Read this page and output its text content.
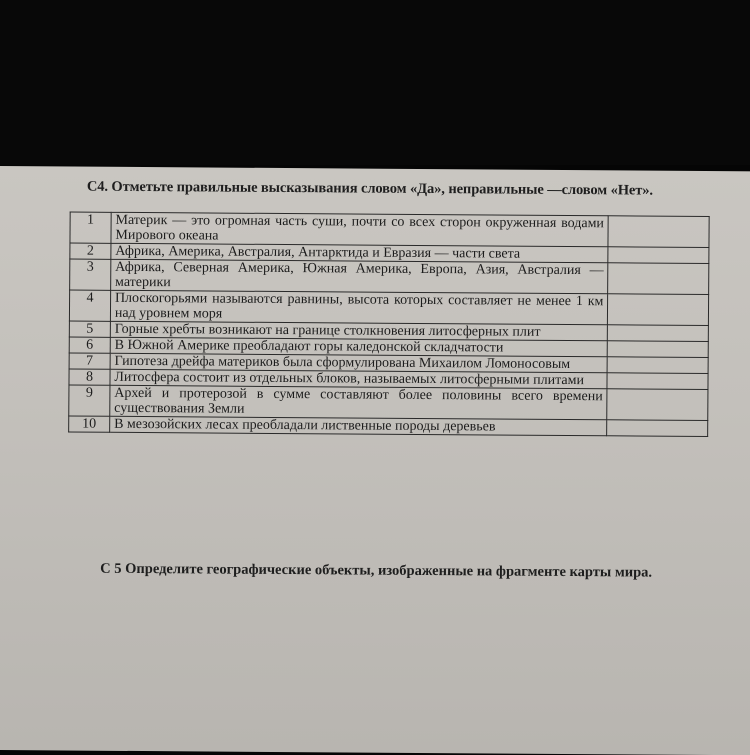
С4. Отметьте правильные высказывания словом «Да», неправильные —словом «Нет».
1	Материк — это огромная часть суши, почти со всех сторон окруженная водами Мирового океана	
2	Африка, Америка, Австралия, Антарктида и Евразия — части света	
3	Африка, Северная Америка, Южная Америка, Европа, Азия, Австралия — материки	
4	Плоскогорьями называются равнины, высота которых составляет не менее 1 км над уровнем моря	
5	Горные хребты возникают на границе столкновения литосферных плит	
6	В Южной Америке преобладают горы каледонской складчатости	
7	Гипотеза дрейфа материков была сформулирована Михаилом Ломоносовым	
8	Литосфера состоит из отдельных блоков, называемых литосферными плитами	
9	Архей и протерозой в сумме составляют более половины всего времени существования Земли	
10	В мезозойских лесах преобладали лиственные породы деревьев	
С 5 Определите географические объекты, изображенные на фрагменте карты мира.
